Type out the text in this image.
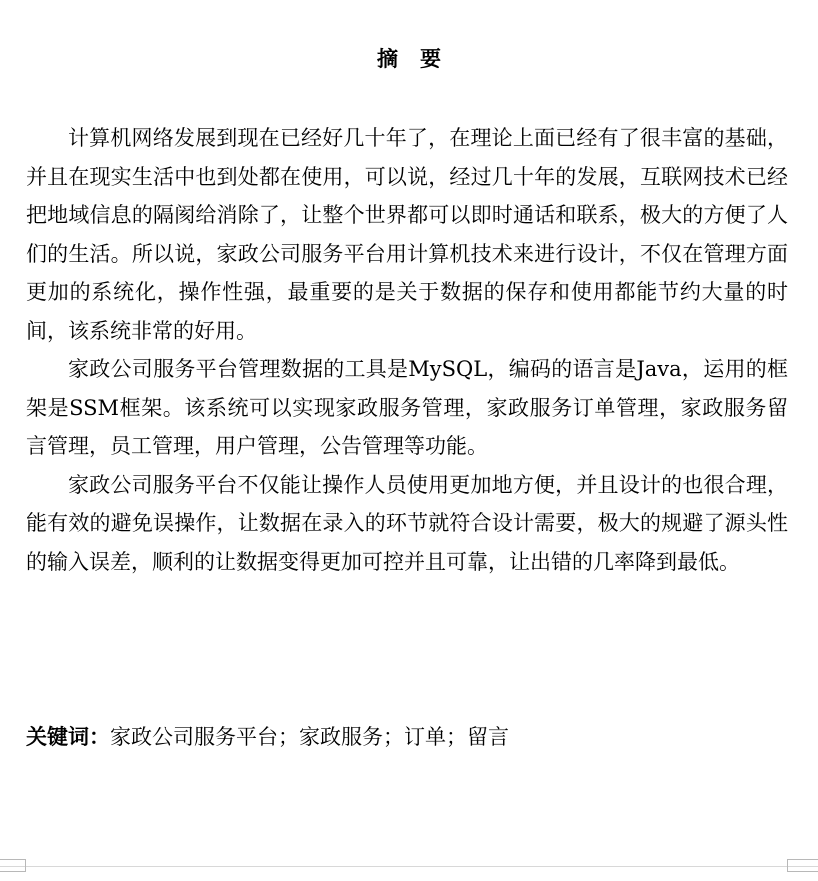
摘 要

计算机网络发展到现在已经好几十年了，在理论上面已经有了很丰富的基础，并且在现实生活中也到处都在使用，可以说，经过几十年的发展，互联网技术已经把地域信息的隔阂给消除了，让整个世界都可以即时通话和联系，极大的方便了人们的生活。所以说，家政公司服务平台用计算机技术来进行设计，不仅在管理方面更加的系统化，操作性强，最重要的是关于数据的保存和使用都能节约大量的时间，该系统非常的好用。

家政公司服务平台管理数据的工具是MySQL，编码的语言是Java，运用的框架是SSM框架。该系统可以实现家政服务管理，家政服务订单管理，家政服务留言管理，员工管理，用户管理，公告管理等功能。

家政公司服务平台不仅能让操作人员使用更加地方便，并且设计的也很合理，能有效的避免误操作，让数据在录入的环节就符合设计需要，极大的规避了源头性的输入误差，顺利的让数据变得更加可控并且可靠，让出错的几率降到最低。

关键词：家政公司服务平台；家政服务；订单；留言
